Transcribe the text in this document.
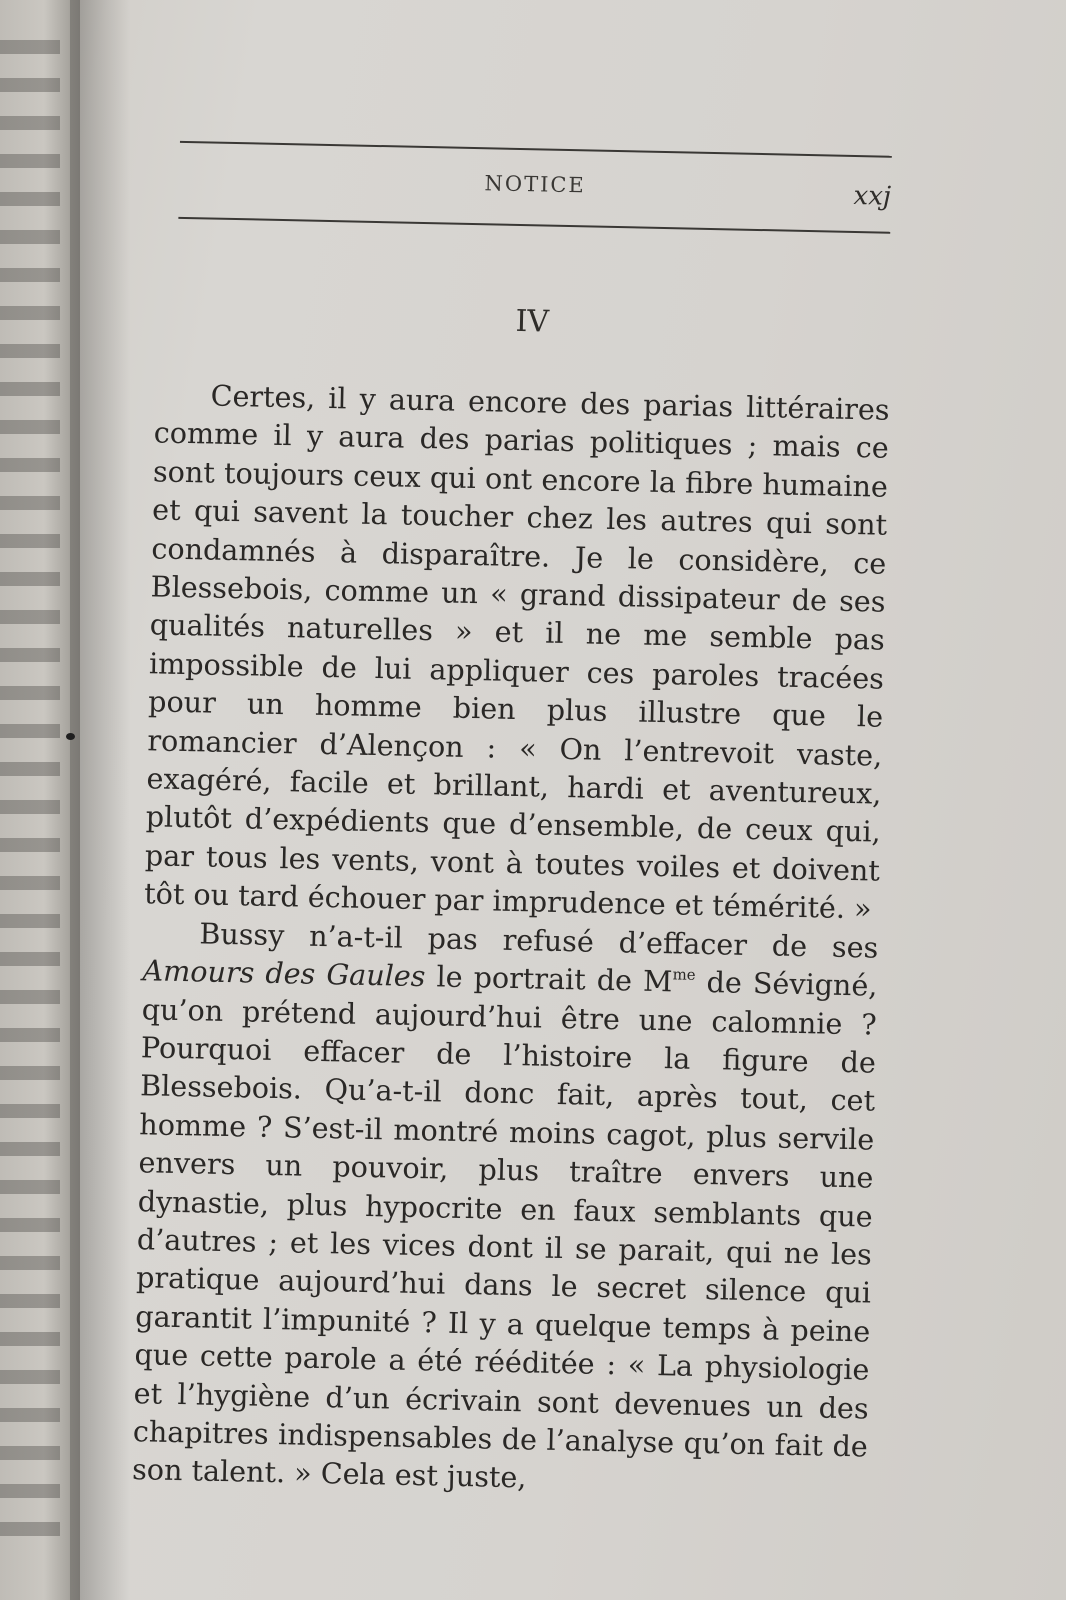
NOTICE	xxj
IV

Certes, il y aura encore des parias littéraires comme il y aura des parias politiques ; mais ce sont toujours ceux qui ont encore la fibre humaine et qui savent la toucher chez les autres qui sont condamnés à disparaître. Je le considère, ce Blessebois, comme un « grand dissipateur de ses qualités naturelles » et il ne me semble pas impossible de lui appliquer ces paroles tracées pour un homme bien plus illustre que le romancier d’Alençon : « On l’entrevoit vaste, exagéré, facile et brillant, hardi et aventureux, plutôt d’expédients que d’ensemble, de ceux qui, par tous les vents, vont à toutes voiles et doivent tôt ou tard échouer par imprudence et témérité. »

Bussy n’a-t-il pas refusé d’effacer de ses Amours des Gaules le portrait de $M^{me}$ de Sévigné, qu’on prétend aujourd’hui être une calomnie ? Pourquoi effacer de l’histoire la figure de Blessebois. Qu’a-t-il donc fait, après tout, cet homme ? S’est-il montré moins cagot, plus servile envers un pouvoir, plus traître envers une dynastie, plus hypocrite en faux semblants que d’autres ; et les vices dont il se parait, qui ne les pratique aujourd’hui dans le secret silence qui garantit l’impunité ? Il y a quelque temps à peine que cette parole a été rééditée : « La physiologie et l’hygiène d’un écrivain sont devenues un des chapitres indispensables de l’analyse qu’on fait de son talent. » Cela est juste,
